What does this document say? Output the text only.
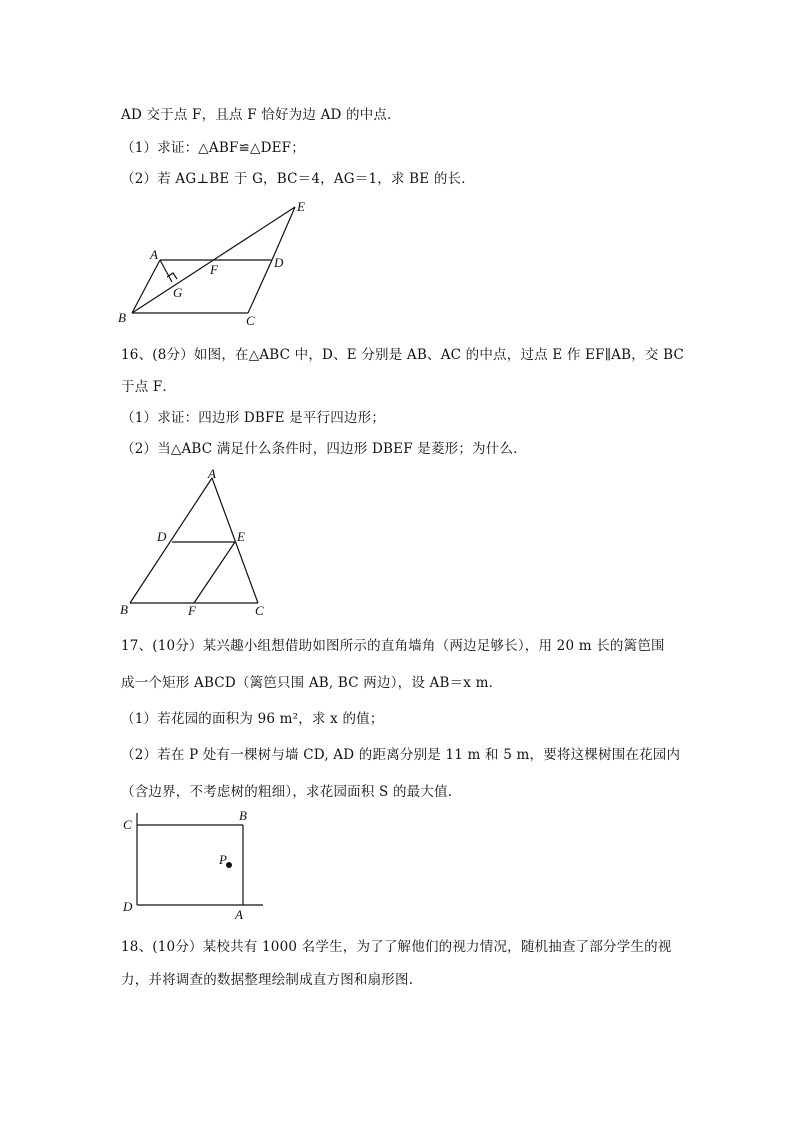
AD 交于点 F，且点 F 恰好为边 AD 的中点．
（1）求证：△ABF≌△DEF；
（2）若 AG⊥BE 于 G，BC＝4，AG＝1，求 BE 的长．
A
B	C
D
E
F
G
16、(8分）如图，在△ABC 中，D、E 分别是 AB、AC 的中点，过点 E 作 EF∥AB，交 BC
于点 F．
（1）求证：四边形 DBFE 是平行四边形；
（2）当△ABC 满足什么条件时，四边形 DBEF 是菱形；为什么．
A
D	E
B	F	C
17、(10分）某兴趣小组想借助如图所示的直角墙角（两边足够长），用 20 m 长的篱笆围
成一个矩形 ABCD（篱笆只围 AB, BC 两边），设 AB＝x m．
（1）若花园的面积为 96 m²，求 x 的值；
（2）若在 P 处有一棵树与墙 CD, AD 的距离分别是 11 m 和 5 m，要将这棵树围在花园内
（含边界，不考虑树的粗细），求花园面积 S 的最大值.
C
B
P
D
A
18、(10分）某校共有 1000 名学生，为了了解他们的视力情况，随机抽查了部分学生的视
力，并将调查的数据整理绘制成直方图和扇形图.
